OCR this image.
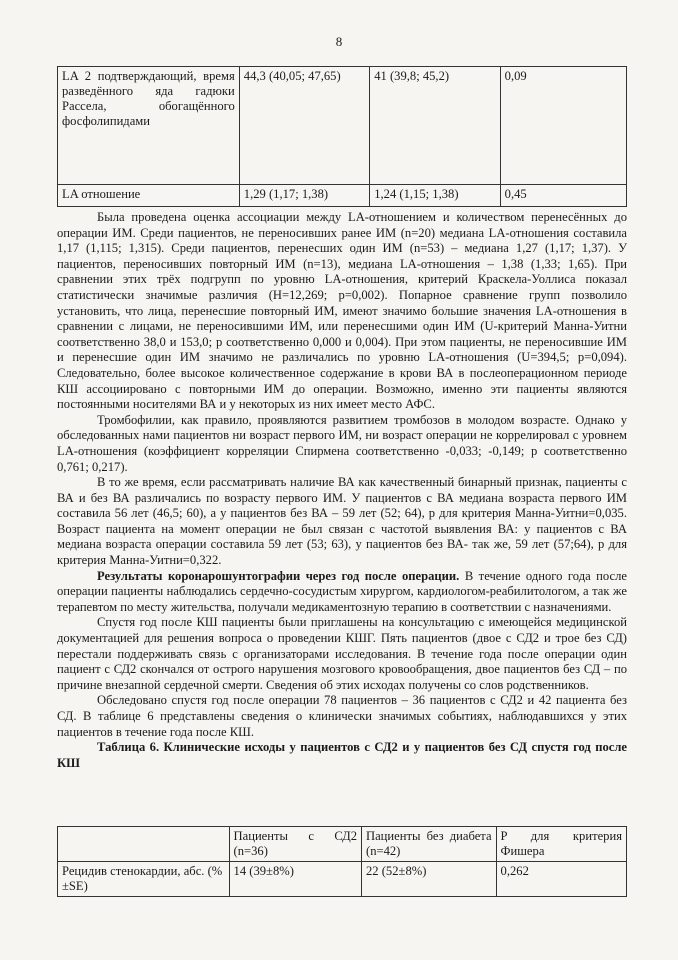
8
LA 2 подтверждающий, время разведённого яда гадюки Рассела, обогащённого фосфолипидами	44,3 (40,05; 47,65)	41 (39,8; 45,2)	0,09
LA отношение	1,29 (1,17; 1,38)	1,24 (1,15; 1,38)	0,45

Была проведена оценка ассоциации между LA-отношением и количеством перенесённых до операции ИМ. Среди пациентов, не переносивших ранее ИМ (n=20) медиана LA-отношения составила 1,17 (1,115; 1,315). Среди пациентов, перенесших один ИМ (n=53) – медиана 1,27 (1,17; 1,37). У пациентов, переносивших повторный ИМ (n=13), медиана LA-отношения – 1,38 (1,33; 1,65). При сравнении этих трёх подгрупп по уровню LA-отношения, критерий Краскела-Уоллиса показал статистически значимые различия (H=12,269; p=0,002). Попарное сравнение групп позволило установить, что лица, перенесшие повторный ИМ, имеют значимо большие значения LA-отношения в сравнении с лицами, не переносившими ИМ, или перенесшими один ИМ (U-критерий Манна-Уитни соответственно 38,0 и 153,0; p соответственно 0,000 и 0,004). При этом пациенты, не переносившие ИМ и перенесшие один ИМ значимо не различались по уровню LA-отношения (U=394,5; p=0,094). Следовательно, более высокое количественное содержание в крови ВА в послеоперационном периоде КШ ассоциировано с повторными ИМ до операции. Возможно, именно эти пациенты являются постоянными носителями ВА и у некоторых из них имеет место АФС.

Тромбофилии, как правило, проявляются развитием тромбозов в молодом возрасте. Однако у обследованных нами пациентов ни возраст первого ИМ, ни возраст операции не коррелировал с уровнем LA-отношения (коэффициент корреляции Спирмена соответственно -0,033; -0,149; p соответственно 0,761; 0,217).

В то же время, если рассматривать наличие ВА как качественный бинарный признак, пациенты с ВА и без ВА различались по возрасту первого ИМ. У пациентов с ВА медиана возраста первого ИМ составила 56 лет (46,5; 60), а у пациентов без ВА – 59 лет (52; 64), p для критерия Манна-Уитни=0,035. Возраст пациента на момент операции не был связан с частотой выявления ВА: у пациентов с ВА медиана возраста операции составила 59 лет (53; 63), у пациентов без ВА- так же, 59 лет (57;64), p для критерия Манна-Уитни=0,322.

Результаты коронарошунтографии через год после операции. В течение одного года после операции пациенты наблюдались сердечно-сосудистым хирургом, кардиологом-реабилитологом, а так же терапевтом по месту жительства, получали медикаментозную терапию в соответствии с назначениями.

Спустя год после КШ пациенты были приглашены на консультацию с имеющейся медицинской документацией для решения вопроса о проведении КШГ. Пять пациентов (двое с СД2 и трое без СД) перестали поддерживать связь с организаторами исследования. В течение года после операции один пациент с СД2 скончался от острого нарушения мозгового кровообращения, двое пациентов без СД – по причине внезапной сердечной смерти. Сведения об этих исходах получены со слов родственников.

Обследовано спустя год после операции 78 пациентов – 36 пациентов с СД2 и 42 пациента без СД. В таблице 6 представлены сведения о клинически значимых событиях, наблюдавшихся у этих пациентов в течение года после КШ.

Таблица 6. Клинические исходы у пациентов с СД2 и у пациентов без СД спустя год после КШ

	Пациенты с СД2 (n=36)	Пациенты без диабета (n=42)	P для критерия Фишера
Рецидив стенокардии, абс. (%±SE)	14 (39±8%)	22 (52±8%)	0,262
